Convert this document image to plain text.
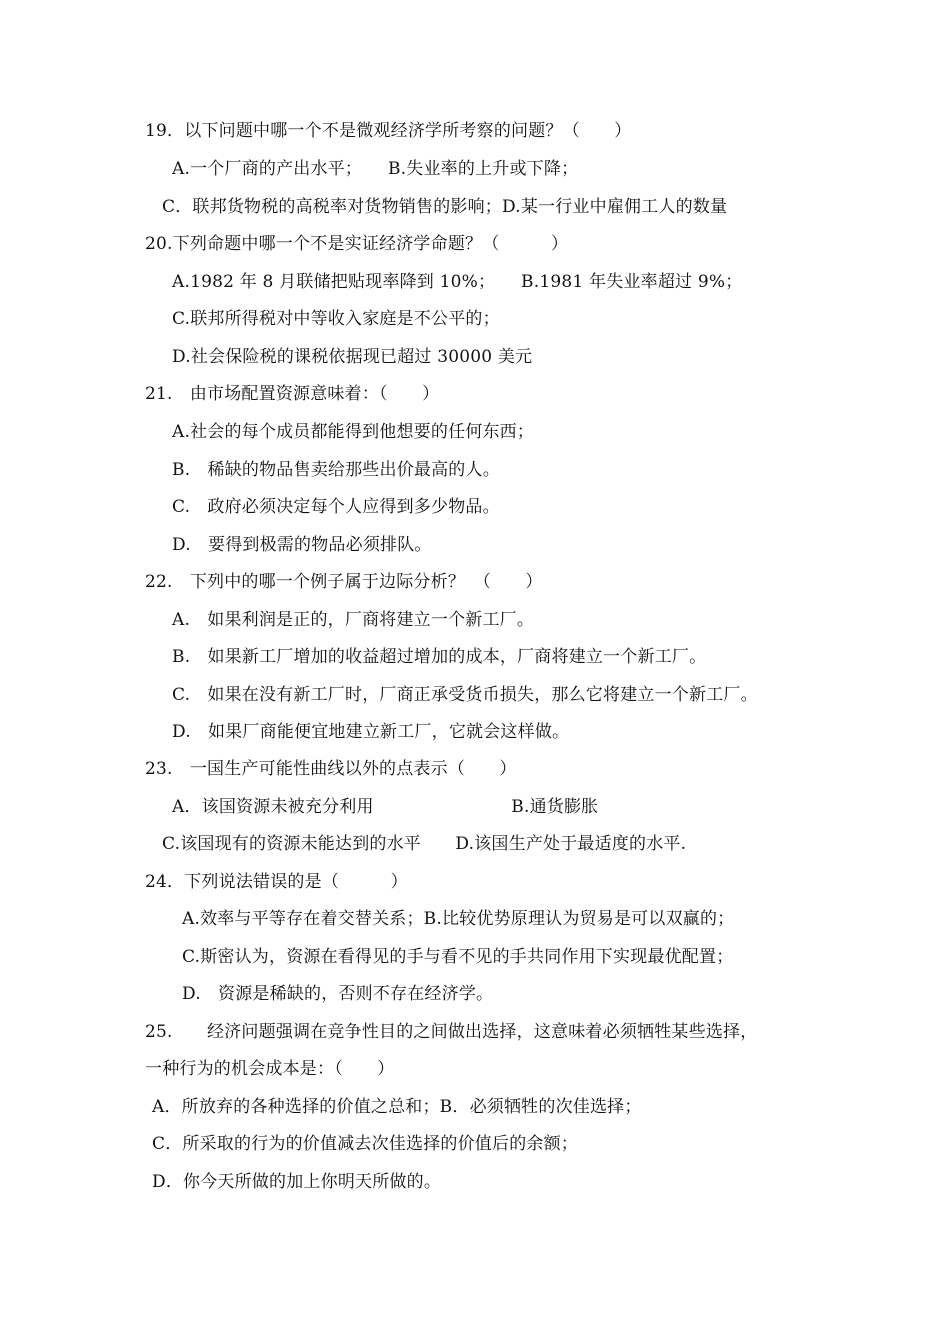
19．以下问题中哪一个不是微观经济学所考察的问题？（　　）
A.一个厂商的产出水平；　　B.失业率的上升或下降；
C．联邦货物税的高税率对货物销售的影响；D.某一行业中雇佣工人的数量
20.下列命题中哪一个不是实证经济学命题？（　　　）
A.1982 年 8 月联储把贴现率降到 10%；　　B.1981 年失业率超过 9%；
C.联邦所得税对中等收入家庭是不公平的；
D.社会保险税的课税依据现已超过 30000 美元
21.　由市场配置资源意味着：（　　）
A.社会的每个成员都能得到他想要的任何东西；
B.　稀缺的物品售卖给那些出价最高的人。
C.　政府必须决定每个人应得到多少物品。
D.　要得到极需的物品必须排队。
22.　下列中的哪一个例子属于边际分析？　（　　）
A.　如果利润是正的，厂商将建立一个新工厂。
B.　如果新工厂增加的收益超过增加的成本，厂商将建立一个新工厂。
C.　如果在没有新工厂时，厂商正承受货币损失，那么它将建立一个新工厂。
D.　如果厂商能便宜地建立新工厂，它就会这样做。
23.　一国生产可能性曲线以外的点表示（　　）
A．该国资源未被充分利用　　　　　　　　B.通货膨胀
C.该国现有的资源未能达到的水平　　D.该国生产处于最适度的水平.
24．下列说法错误的是（　　　）
A.效率与平等存在着交替关系；B.比较优势原理认为贸易是可以双赢的；
C.斯密认为，资源在看得见的手与看不见的手共同作用下实现最优配置；
D.　资源是稀缺的，否则不存在经济学。
25.　　经济问题强调在竞争性目的之间做出选择，这意味着必须牺牲某些选择，
一种行为的机会成本是：（　　）
A．所放弃的各种选择的价值之总和；B．必须牺牲的次佳选择；
C．所采取的行为的价值减去次佳选择的价值后的余额；
D．你今天所做的加上你明天所做的。
